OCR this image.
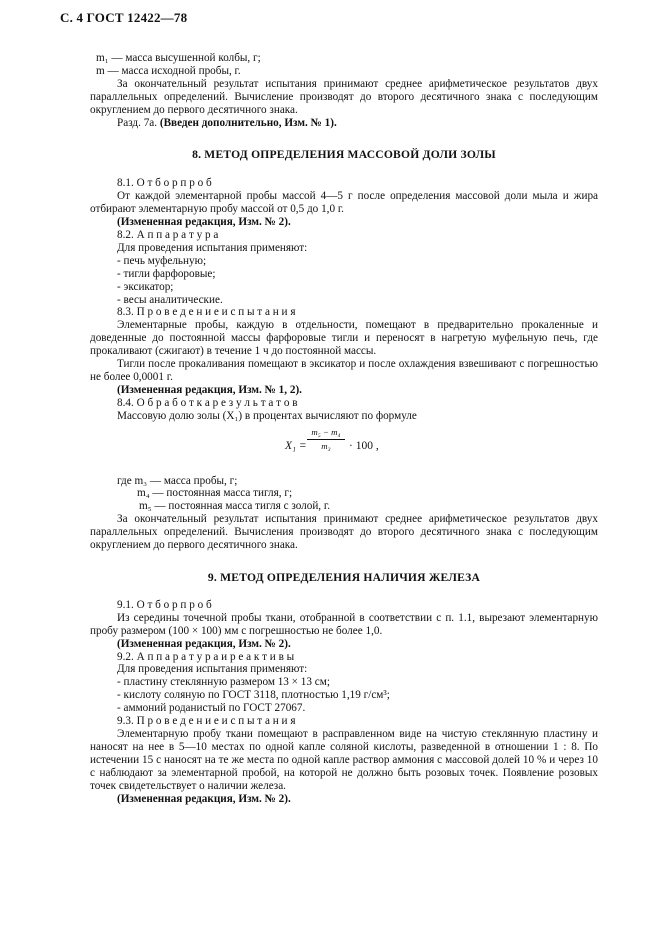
С. 4 ГОСТ 12422—78

m₁ — масса высушенной колбы, г;

m — масса исходной пробы, г.

За окончательный результат испытания принимают среднее арифметическое результатов двух параллельных определений. Вычисление производят до второго десятичного знака с последующим округлением до первого десятичного знака.

Разд. 7а. (Введен дополнительно, Изм. № 1).

8. МЕТОД ОПРЕДЕЛЕНИЯ МАССОВОЙ ДОЛИ ЗОЛЫ

8.1. О т б о р п р о б

От каждой элементарной пробы массой 4—5 г после определения массовой доли мыла и жира отбирают элементарную пробу массой от 0,5 до 1,0 г.

(Измененная редакция, Изм. № 2).

8.2. А п п а р а т у р а

Для проведения испытания применяют:

- печь муфельную;

- тигли фарфоровые;

- эксикатор;

- весы аналитические.

8.3. П р о в е д е н и е и с п ы т а н и я

Элементарные пробы, каждую в отдельности, помещают в предварительно прокаленные и доведенные до постоянной массы фарфоровые тигли и переносят в нагретую муфельную печь, где прокаливают (сжигают) в течение 1 ч до постоянной массы.

Тигли после прокаливания помещают в эксикатор и после охлаждения взвешивают с погрешностью не более 0,0001 г.

(Измененная редакция, Изм. № 1, 2).

8.4. О б р а б о т к а р е з у л ь т а т о в

Массовую долю золы (X₁) в процентах вычисляют по формуле

$X_1 = \frac{\text{m₅ − m₄}}{\text{m₃}} \cdot 100$ ,

где m₃ — масса пробы, г;

m₄ — постоянная масса тигля, г;

m₅ — постоянная масса тигля с золой, г.

За окончательный результат испытания принимают среднее арифметическое результатов двух параллельных определений. Вычисления производят до второго десятичного знака с последующим округлением до первого десятичного знака.

9. МЕТОД ОПРЕДЕЛЕНИЯ НАЛИЧИЯ ЖЕЛЕЗА

9.1. О т б о р п р о б

Из середины точечной пробы ткани, отобранной в соответствии с п. 1.1, вырезают элементарную пробу размером (100 × 100) мм с погрешностью не более 1,0.

(Измененная редакция, Изм. № 2).

9.2. А п п а р а т у р а и р е а к т и в ы

Для проведения испытания применяют:

- пластину стеклянную размером 13 × 13 см;

- кислоту соляную по ГОСТ 3118, плотностью 1,19 г/см³;

- аммоний роданистый по ГОСТ 27067.

9.3. П р о в е д е н и е и с п ы т а н и я

Элементарную пробу ткани помещают в расправленном виде на чистую стеклянную пластину и наносят на нее в 5—10 местах по одной капле соляной кислоты, разведенной в отношении 1 : 8. По истечении 15 с наносят на те же места по одной капле раствор аммония с массовой долей 10 % и через 10 с наблюдают за элементарной пробой, на которой не должно быть розовых точек. Появление розовых точек свидетельствует о наличии железа.

(Измененная редакция, Изм. № 2).
